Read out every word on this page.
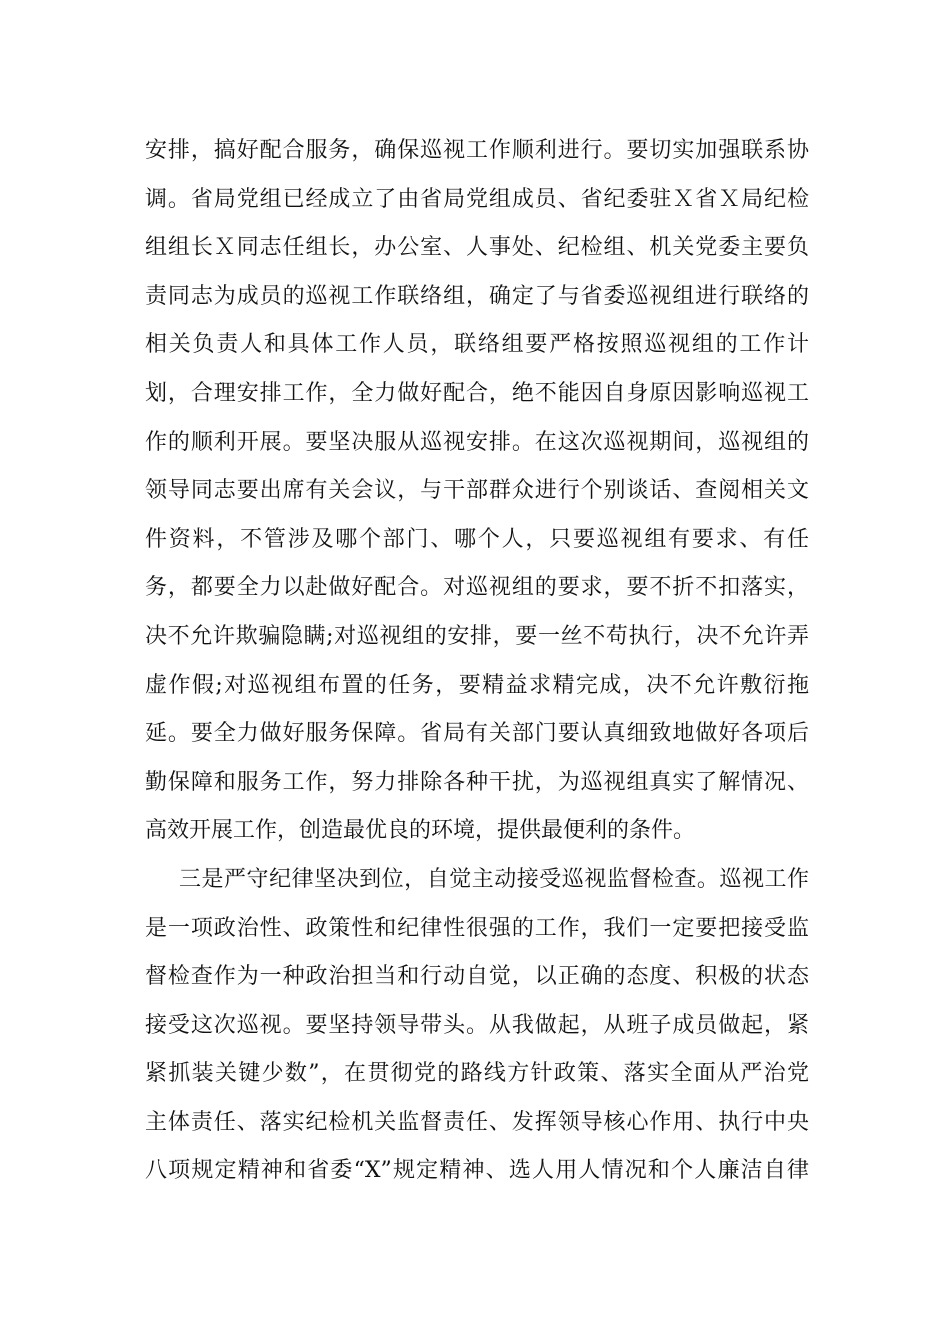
安排，搞好配合服务，确保巡视工作顺利进行。要切实加强联系协
调。省局党组已经成立了由省局党组成员、省纪委驻Ｘ省Ｘ局纪检
组组长Ｘ同志任组长，办公室、人事处、纪检组、机关党委主要负
责同志为成员的巡视工作联络组，确定了与省委巡视组进行联络的
相关负责人和具体工作人员，联络组要严格按照巡视组的工作计
划，合理安排工作，全力做好配合，绝不能因自身原因影响巡视工
作的顺利开展。要坚决服从巡视安排。在这次巡视期间，巡视组的
领导同志要出席有关会议，与干部群众进行个别谈话、查阅相关文
件资料，不管涉及哪个部门、哪个人，只要巡视组有要求、有任
务，都要全力以赴做好配合。对巡视组的要求，要不折不扣落实，
决不允许欺骗隐瞒;对巡视组的安排，要一丝不苟执行，决不允许弄
虚作假;对巡视组布置的任务，要精益求精完成，决不允许敷衍拖
延。要全力做好服务保障。省局有关部门要认真细致地做好各项后
勤保障和服务工作，努力排除各种干扰，为巡视组真实了解情况、
高效开展工作，创造最优良的环境，提供最便利的条件。
三是严守纪律坚决到位，自觉主动接受巡视监督检查。巡视工作
是一项政治性、政策性和纪律性很强的工作，我们一定要把接受监
督检查作为一种政治担当和行动自觉，以正确的态度、积极的状态
接受这次巡视。要坚持领导带头。从我做起，从班子成员做起，紧
紧抓装关键少数”，在贯彻党的路线方针政策、落实全面从严治党
主体责任、落实纪检机关监督责任、发挥领导核心作用、执行中央
八项规定精神和省委“X”规定精神、选人用人情况和个人廉洁自律
